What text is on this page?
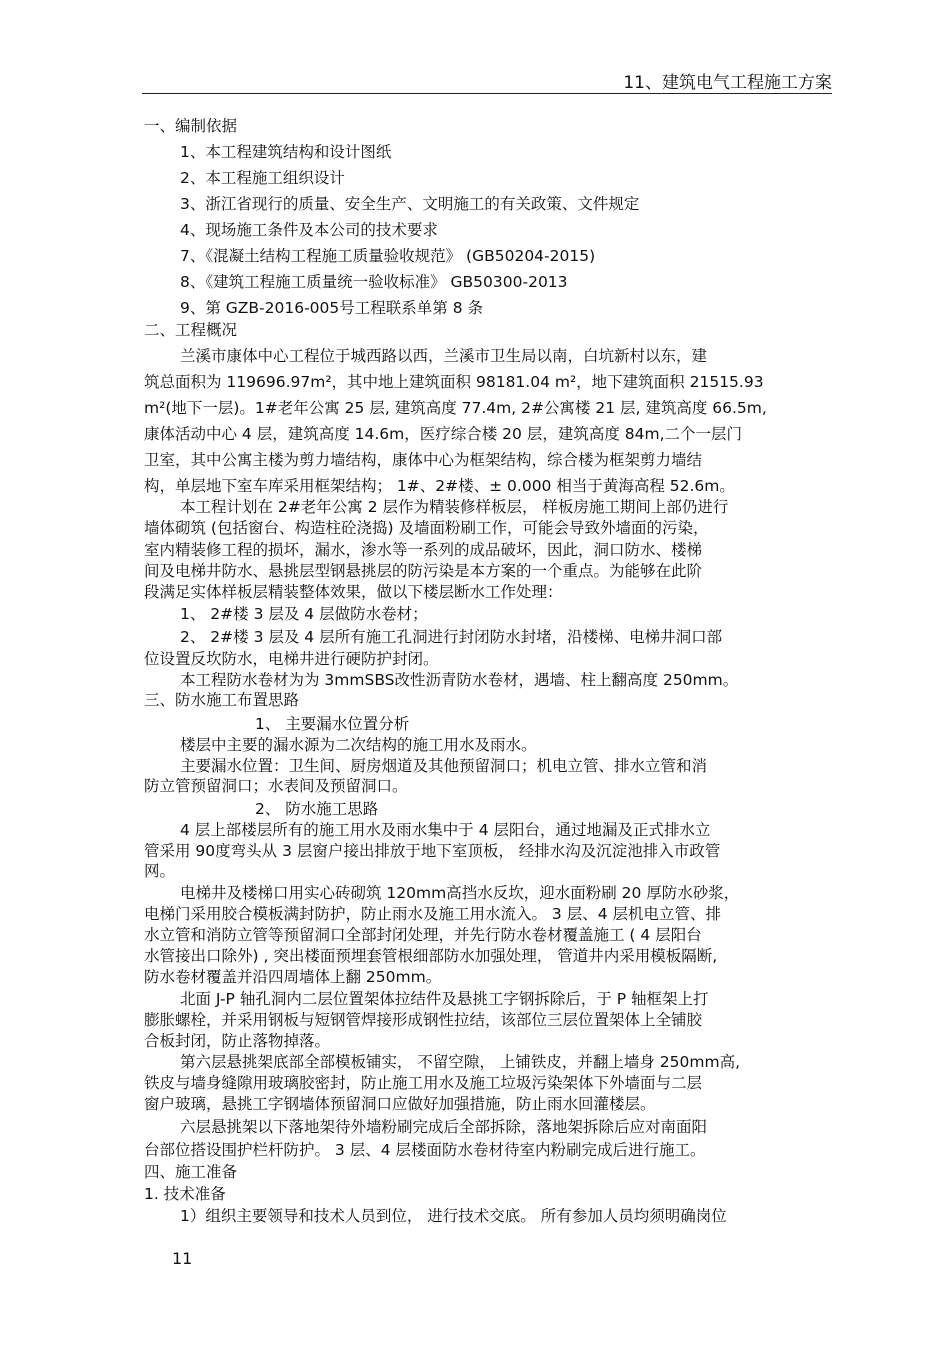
11、建筑电气工程施工方案
一、编制依据
1、本工程建筑结构和设计图纸
2、本工程施工组织设计
3、浙江省现行的质量、安全生产、文明施工的有关政策、文件规定
4、现场施工条件及本公司的技术要求
7、《混凝土结构工程施工质量验收规范》 (GB50204-2015)
8、《建筑工程施工质量统一验收标准》 GB50300-2013
9、第 GZB-2016-005号工程联系单第 8 条
二、工程概况
兰溪市康体中心工程位于城西路以西，兰溪市卫生局以南，白坑新村以东，建
筑总面积为 119696.97m²，其中地上建筑面积 98181.04 m²，地下建筑面积 21515.93
m²(地下一层)。1#老年公寓 25 层, 建筑高度 77.4m, 2#公寓楼 21 层, 建筑高度 66.5m,
康体活动中心 4 层，建筑高度 14.6m，医疗综合楼 20 层，建筑高度 84m,二个一层门
卫室，其中公寓主楼为剪力墙结构，康体中心为框架结构，综合楼为框架剪力墙结
构，单层地下室车库采用框架结构； 1#、2#楼、± 0.000 相当于黄海高程 52.6m。
本工程计划在 2#老年公寓 2 层作为精装修样板层， 样板房施工期间上部仍进行
墙体砌筑 (包括窗台、构造柱砼浇捣) 及墙面粉刷工作，可能会导致外墙面的污染，
室内精装修工程的损坏，漏水，渗水等一系列的成品破坏，因此，洞口防水、楼梯
间及电梯井防水、悬挑层型钢悬挑层的防污染是本方案的一个重点。为能够在此阶
段满足实体样板层精装整体效果，做以下楼层断水工作处理：
1、 2#楼 3 层及 4 层做防水卷材；
2、 2#楼 3 层及 4 层所有施工孔洞进行封闭防水封堵，沿楼梯、电梯井洞口部
位设置反坎防水，电梯井进行硬防护封闭。
本工程防水卷材为为 3mmSBS改性沥青防水卷材，遇墙、柱上翻高度 250mm。
三、防水施工布置思路
1、 主要漏水位置分析
楼层中主要的漏水源为二次结构的施工用水及雨水。
主要漏水位置：卫生间、厨房烟道及其他预留洞口；机电立管、排水立管和消
防立管预留洞口；水表间及预留洞口。
2、 防水施工思路
4 层上部楼层所有的施工用水及雨水集中于 4 层阳台，通过地漏及正式排水立
管采用 90度弯头从 3 层窗户接出排放于地下室顶板， 经排水沟及沉淀池排入市政管
网。
电梯井及楼梯口用实心砖砌筑 120mm高挡水反坎，迎水面粉刷 20 厚防水砂浆，
电梯门采用胶合模板满封防护，防止雨水及施工用水流入。 3 层、4 层机电立管、排
水立管和消防立管等预留洞口全部封闭处理，并先行防水卷材覆盖施工 ( 4 层阳台
水管接出口除外) , 突出楼面预埋套管根细部防水加强处理， 管道井内采用模板隔断,
防水卷材覆盖并沿四周墙体上翻 250mm。
北面 J-P 轴孔洞内二层位置架体拉结件及悬挑工字钢拆除后，于 P 轴框架上打
膨胀螺栓，并采用钢板与短钢管焊接形成钢性拉结，该部位三层位置架体上全铺胶
合板封闭，防止落物掉落。
第六层悬挑架底部全部模板铺实， 不留空隙， 上铺铁皮，并翻上墙身 250mm高,
铁皮与墙身缝隙用玻璃胶密封，防止施工用水及施工垃圾污染架体下外墙面与二层
窗户玻璃，悬挑工字钢墙体预留洞口应做好加强措施，防止雨水回灌楼层。
六层悬挑架以下落地架待外墙粉刷完成后全部拆除，落地架拆除后应对南面阳
台部位搭设围护栏杆防护。 3 层、4 层楼面防水卷材待室内粉刷完成后进行施工。
四、施工准备
1. 技术准备
1）组织主要领导和技术人员到位， 进行技术交底。 所有参加人员均须明确岗位
11
